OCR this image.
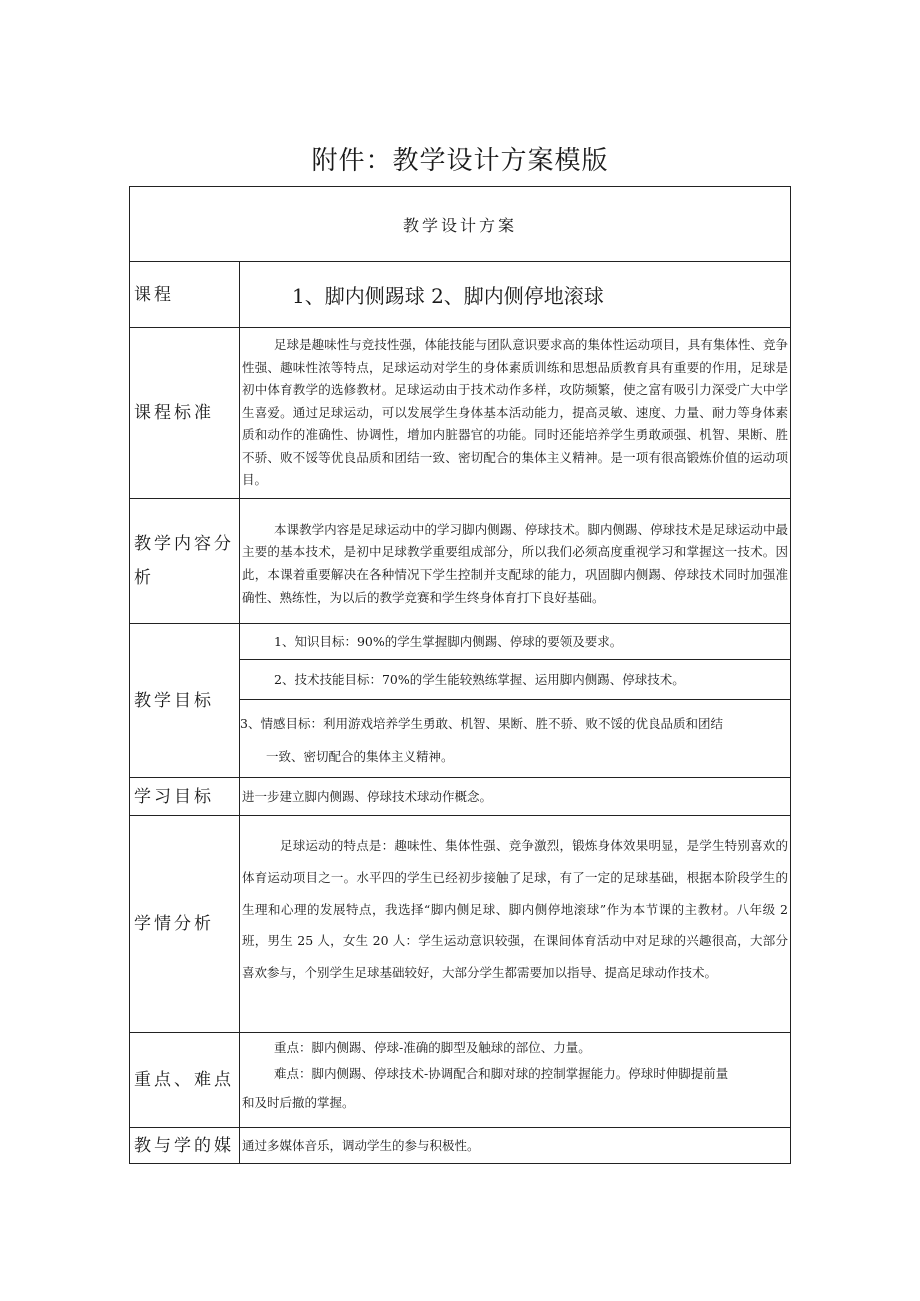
附件：教学设计方案模版
教学设计方案	
课程	1、脚内侧踢球 2、脚内侧停地滚球
课程标准	足球是趣味性与竞技性强，体能技能与团队意识要求高的集体性运动项目，具有集体性、竞争性强、趣味性浓等特点，足球运动对学生的身体素质训练和思想品质教育具有重要的作用，足球是初中体育教学的选修教材。足球运动由于技术动作多样，攻防频繁，使之富有吸引力深受广大中学生喜爱。通过足球运动，可以发展学生身体基本活动能力，提高灵敏、速度、力量、耐力等身体素质和动作的准确性、协调性，增加内脏器官的功能。同时还能培养学生勇敢顽强、机智、果断、胜不骄、败不馁等优良品质和团结一致、密切配合的集体主义精神。是一项有很高锻炼价值的运动项目。

教学内容分析	本课教学内容是足球运动中的学习脚内侧踢、停球技术。脚内侧踢、停球技术是足球运动中最主要的基本技术，是初中足球教学重要组成部分，所以我们必须高度重视学习和掌握这一技术。因此，本课着重要解决在各种情况下学生控制并支配球的能力，巩固脚内侧踢、停球技术同时加强准确性、熟练性，为以后的教学竞赛和学生终身体育打下良好基础。

教学目标	1、知识目标：90%的学生掌握脚内侧踢、停球的要领及要求。

	2、技术技能目标：70%的学生能较熟练掌握、运用脚内侧踢、停球技术。

	3、情感目标：利用游戏培养学生勇敢、机智、果断、胜不骄、败不馁的优良品质和团结
一致、密切配合的集体主义精神。

学习目标	进一步建立脚内侧踢、停球技术球动作概念。

学情分析	足球运动的特点是：趣味性、集体性强、竞争激烈，锻炼身体效果明显，是学生特别喜欢的体育运动项目之一。水平四的学生已经初步接触了足球，有了一定的足球基础，根据本阶段学生的生理和心理的发展特点，我选择“脚内侧足球、脚内侧停地滚球”作为本节课的主教材。八年级 2 班，男生 25 人，女生 20 人：学生运动意识较强，在课间体育活动中对足球的兴趣很高，大部分喜欢参与，个别学生足球基础较好，大部分学生都需要加以指导、提高足球动作技术。

重点、难点	重点：脚内侧踢、停球-准确的脚型及触球的部位、力量。
难点：脚内侧踢、停球技术-协调配合和脚对球的控制掌握能力。停球时伸脚提前量
和及时后撤的掌握。

教与学的媒	通过多媒体音乐，调动学生的参与积极性。
